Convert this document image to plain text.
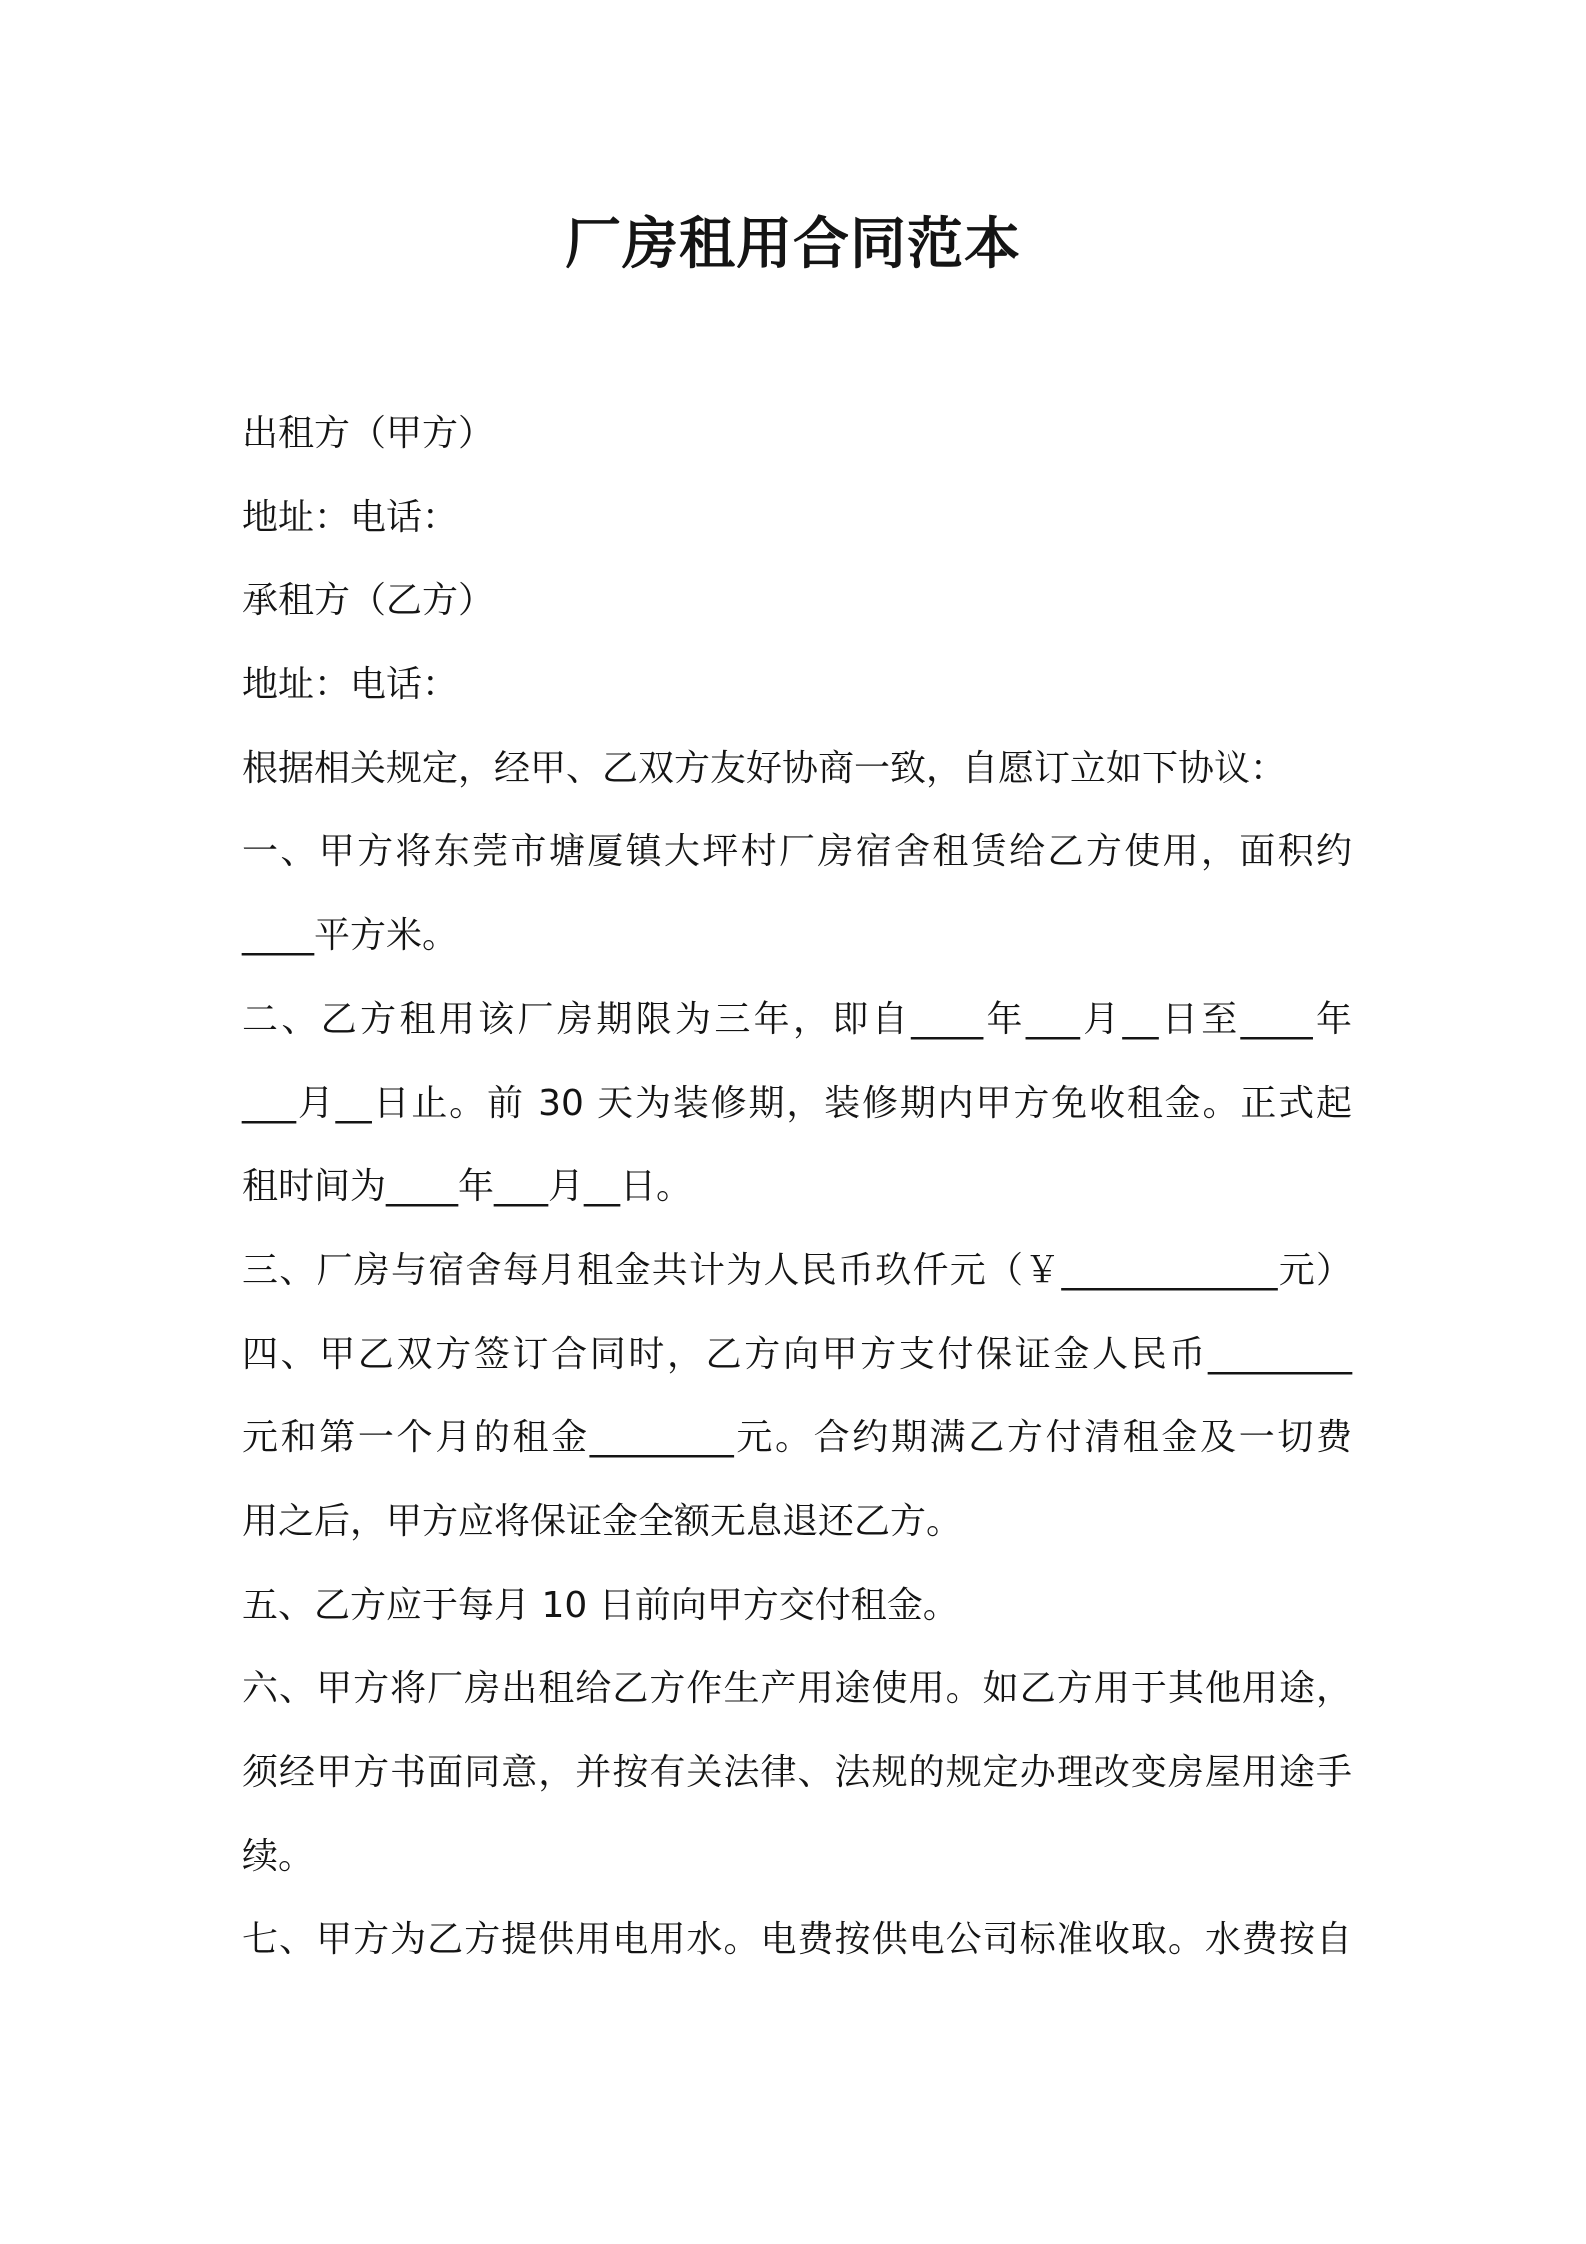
厂房租用合同范本
出租方（甲方）
地址：电话：
承租方（乙方）
地址：电话：
根据相关规定，经甲、乙双方友好协商一致，自愿订立如下协议：
一、甲方将东莞市塘厦镇大坪村厂房宿舍租赁给乙方使用，面积约
____平方米。
二、乙方租用该厂房期限为三年，即自____年___月__日至____年
___月__日止。前 30 天为装修期，装修期内甲方免收租金。正式起
租时间为____年___月__日。
三、厂房与宿舍每月租金共计为人民币玖仟元（￥____________元）
四、甲乙双方签订合同时，乙方向甲方支付保证金人民币________
元和第一个月的租金________元。合约期满乙方付清租金及一切费
用之后，甲方应将保证金全额无息退还乙方。
五、乙方应于每月 10 日前向甲方交付租金。
六、甲方将厂房出租给乙方作生产用途使用。如乙方用于其他用途，
须经甲方书面同意，并按有关法律、法规的规定办理改变房屋用途手
续。
七、甲方为乙方提供用电用水。电费按供电公司标准收取。水费按自
